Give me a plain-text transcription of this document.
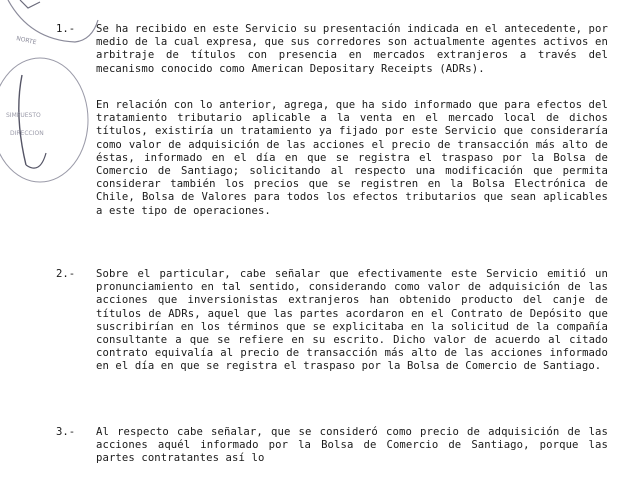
NORTE
SIMPUESTO
DIRECCION
1.- Se ha recibido en este Servicio su presentación indicada en el antecedente, por medio de la cual expresa, que sus corredores son actualmente agentes activos en arbitraje de títulos con presencia en mercados extranjeros a través del mecanismo conocido como American Depositary Receipts (ADRs).
En relación con lo anterior, agrega, que ha sido informado que para efectos del tratamiento tributario aplicable a la venta en el mercado local de dichos títulos, existiría un tratamiento ya fijado por este Servicio que consideraría como valor de adquisición de las acciones el precio de transacción más alto de éstas, informado en el día en que se registra el traspaso por la Bolsa de Comercio de Santiago; solicitando al respecto una modificación que permita considerar también los precios que se registren en la Bolsa Electrónica de Chile, Bolsa de Valores para todos los efectos tributarios que sean aplicables a este tipo de operaciones.
2.- Sobre el particular, cabe señalar que efectivamente este Servicio emitió un pronunciamiento en tal sentido, considerando como valor de adquisición de las acciones que inversionistas extranjeros han obtenido producto del canje de títulos de ADRs, aquel que las partes acordaron en el Contrato de Depósito que suscribirían en los términos que se explicitaba en la solicitud de la compañía consultante a que se refiere en su escrito. Dicho valor de acuerdo al citado contrato equivalía al precio de transacción más alto de las acciones informado en el día en que se registra el traspaso por la Bolsa de Comercio de Santiago.
3.- Al respecto cabe señalar, que se consideró como precio de adquisición de las acciones aquél informado por la Bolsa de Comercio de Santiago, porque las partes contratantes así lo
